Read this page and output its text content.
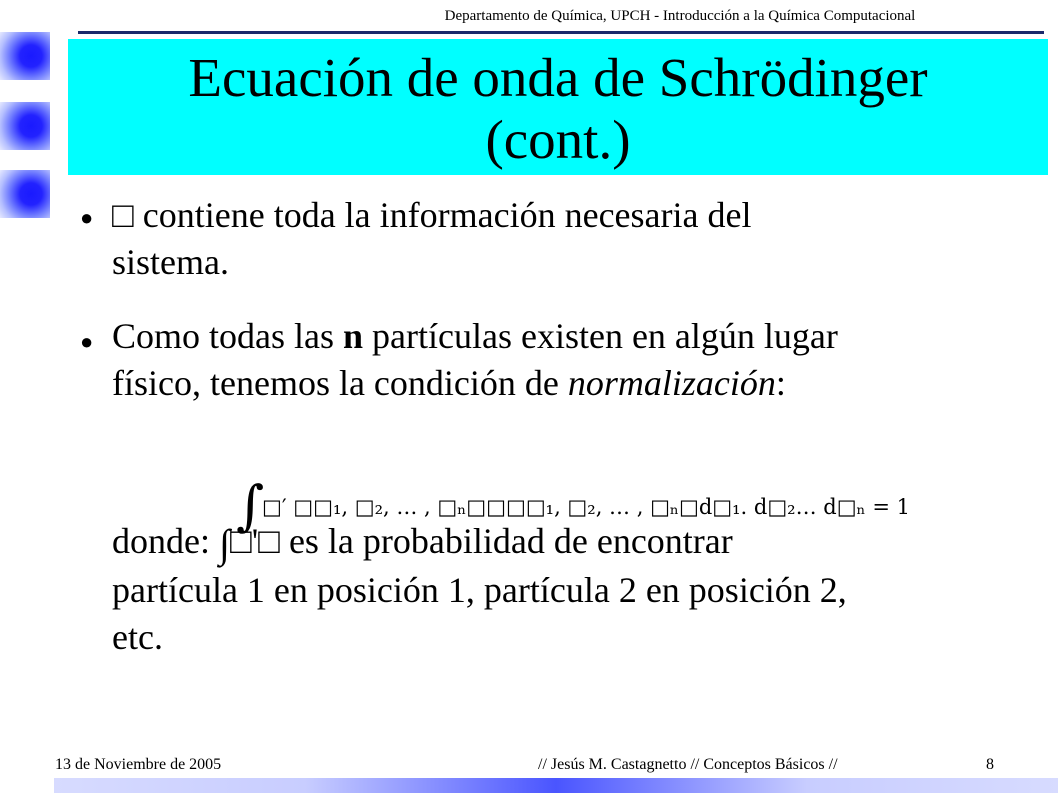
Departamento de Química, UPCH - Introducción a la Química Computacional
Ecuación de onda de Schrödinger
(cont.)
● □ contiene toda la información necesaria del
sistema.
● Como todas las n partículas existen en algún lugar
físico, tenemos la condición de normalización:
∫
□′ □□₁, □₂, … , □ₙ□□□□₁, □₂, … , □ₙ□d□₁. d□₂… d□ₙ = 1
donde: ∫□'□ es la probabilidad de encontrar
partícula 1 en posición 1, partícula 2 en posición 2,
etc.
13 de Noviembre de 2005	// Jesús M. Castagnetto // Conceptos Básicos //	8
